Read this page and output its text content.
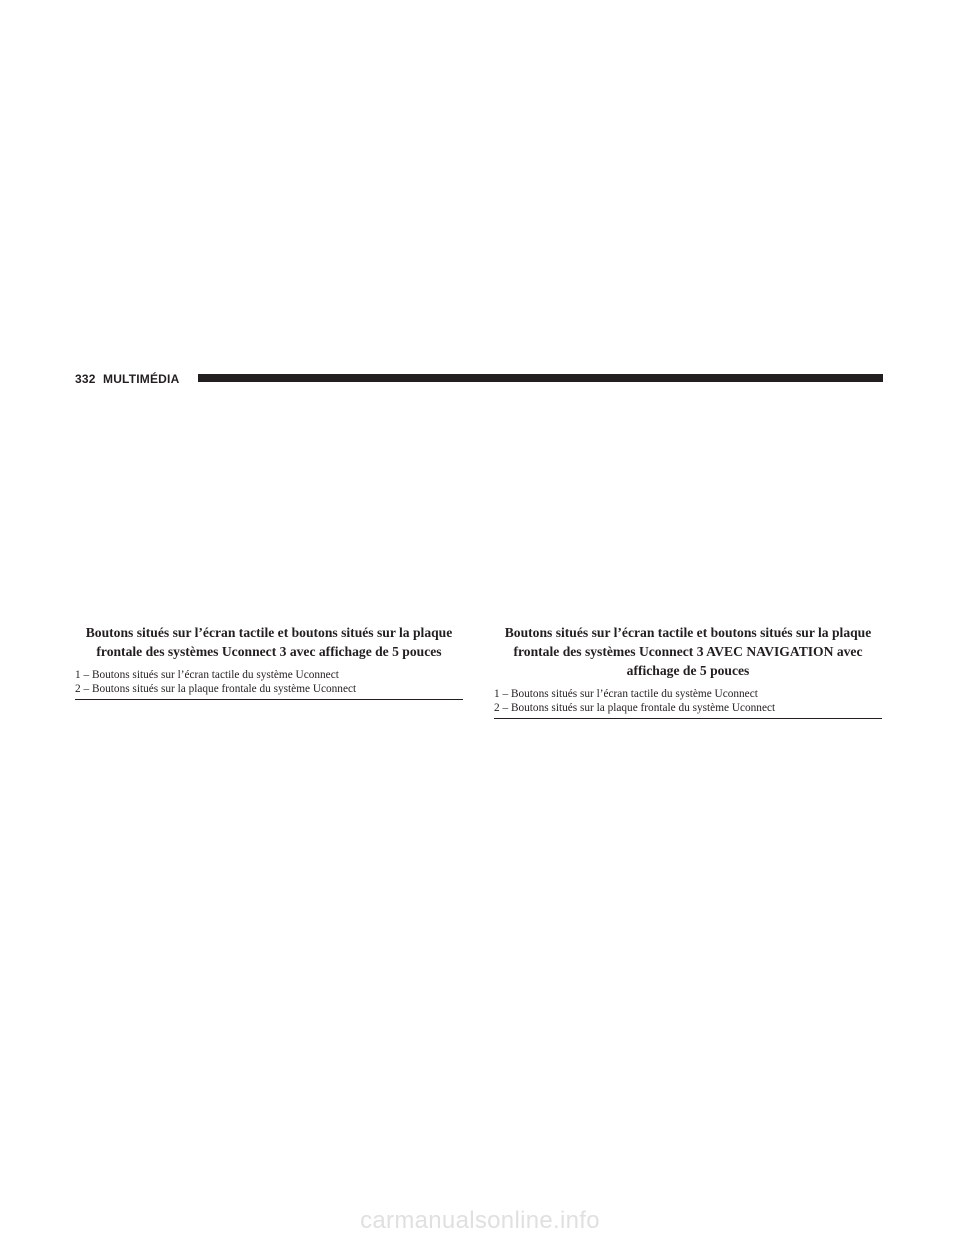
332 MULTIMÉDIA
Boutons situés sur l’écran tactile et boutons situés sur la plaque frontale des systèmes Uconnect 3 avec affichage de 5 pouces
1 – Boutons situés sur l’écran tactile du système Uconnect
2 – Boutons situés sur la plaque frontale du système Uconnect
Boutons situés sur l’écran tactile et boutons situés sur la plaque frontale des systèmes Uconnect 3 AVEC NAVIGATION avec affichage de 5 pouces
1 – Boutons situés sur l’écran tactile du système Uconnect
2 – Boutons situés sur la plaque frontale du système Uconnect
carmanualsonline.info
